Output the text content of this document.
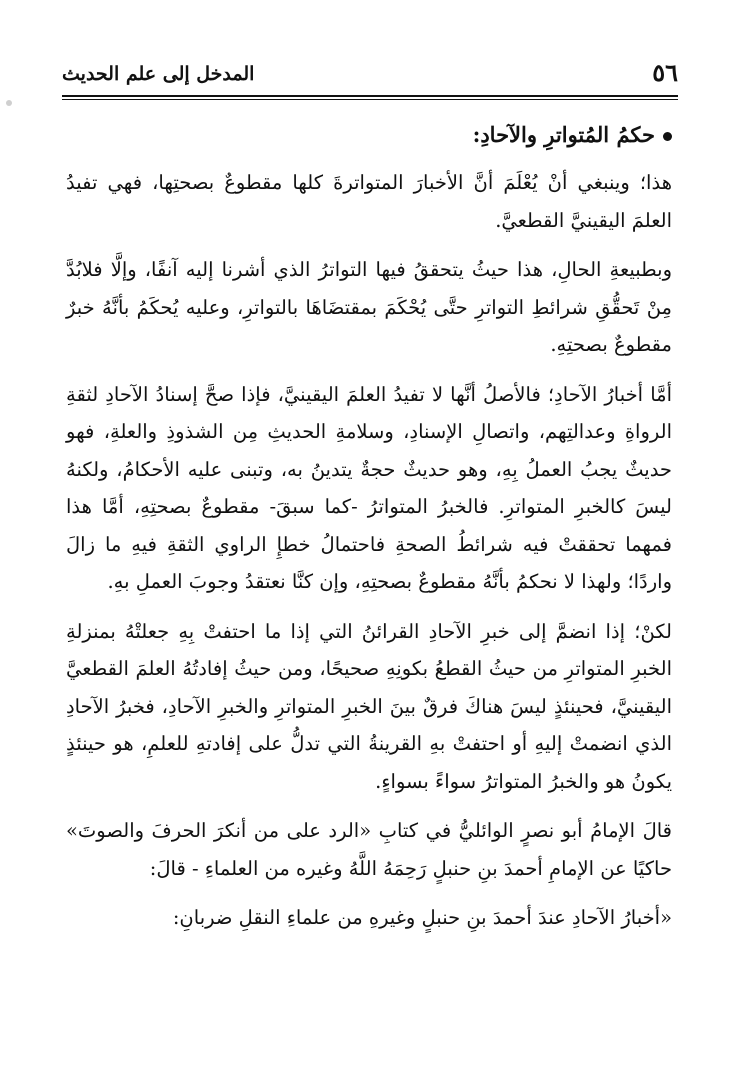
٥٦
المدخل إلى علم الحديث

حكمُ المُتواترِ والآحادِ:

هذا؛ وينبغي أنْ يُعْلَمَ أنَّ الأخبارَ المتواترةَ كلها مقطوعٌ بصحتِها، فهي تفيدُ العلمَ اليقينيَّ القطعيَّ.

وبطبيعةِ الحالِ، هذا حيثُ يتحققُ فيها التواترُ الذي أشرنا إليه آنفًا، وإلَّا فلابُدَّ مِنْ تَحقُّقِ شرائطِ التواترِ حتَّى يُحْكَمَ بمقتضَاهَا بالتواترِ، وعليه يُحكَمُ بأنَّهُ خبرٌ مقطوعٌ بصحتِهِ.

أمَّا أخبارُ الآحادِ؛ فالأصلُ أنَّها لا تفيدُ العلمَ اليقينيَّ، فإذا صحَّ إسنادُ الآحادِ لثقةِ الرواةِ وعدالتِهم، واتصالِ الإسنادِ، وسلامةِ الحديثِ مِن الشذوذِ والعلةِ، فهو حديثٌ يجبُ العملُ بِهِ، وهو حديثٌ حجةٌ يتدينُ به، وتبنى عليه الأحكامُ، ولكنهُ ليسَ كالخبرِ المتواترِ. فالخبرُ المتواترُ -كما سبقَ- مقطوعٌ بصحتِهِ، أمَّا هذا فمهما تحققتْ فيه شرائطُ الصحةِ فاحتمالُ خطإِ الراوي الثقةِ فيهِ ما زالَ واردًا؛ ولهذا لا نحكمُ بأنَّهُ مقطوعٌ بصحتِهِ، وإن كنَّا نعتقدُ وجوبَ العملِ بهِ.

لكنْ؛ إذا انضمَّ إلى خبرِ الآحادِ القرائنُ التي إذا ما احتفتْ بِهِ جعلتْهُ بمنزلةِ الخبرِ المتواترِ من حيثُ القطعُ بكونِهِ صحيحًا، ومن حيثُ إفادتُهُ العلمَ القطعيَّ اليقينيَّ، فحينئذٍ ليسَ هناكَ فرقٌ بينَ الخبرِ المتواترِ والخبرِ الآحادِ، فخبرُ الآحادِ الذي انضمتْ إليهِ أو احتفتْ بهِ القرينةُ التي تدلُّ على إفادتهِ للعلمِ، هو حينئذٍ يكونُ هو والخبرُ المتواترُ سواءً بسواءٍ.

قالَ الإمامُ أبو نصرٍ الوائليُّ في كتابِ «الرد على من أنكرَ الحرفَ والصوتَ» حاكيًا عن الإمامِ أحمدَ بنِ حنبلٍ رَحِمَهُ اللَّهُ وغيره من العلماءِ - قالَ:

«أخبارُ الآحادِ عندَ أحمدَ بنِ حنبلٍ وغيرهِ من علماءِ النقلِ ضربانِ:
